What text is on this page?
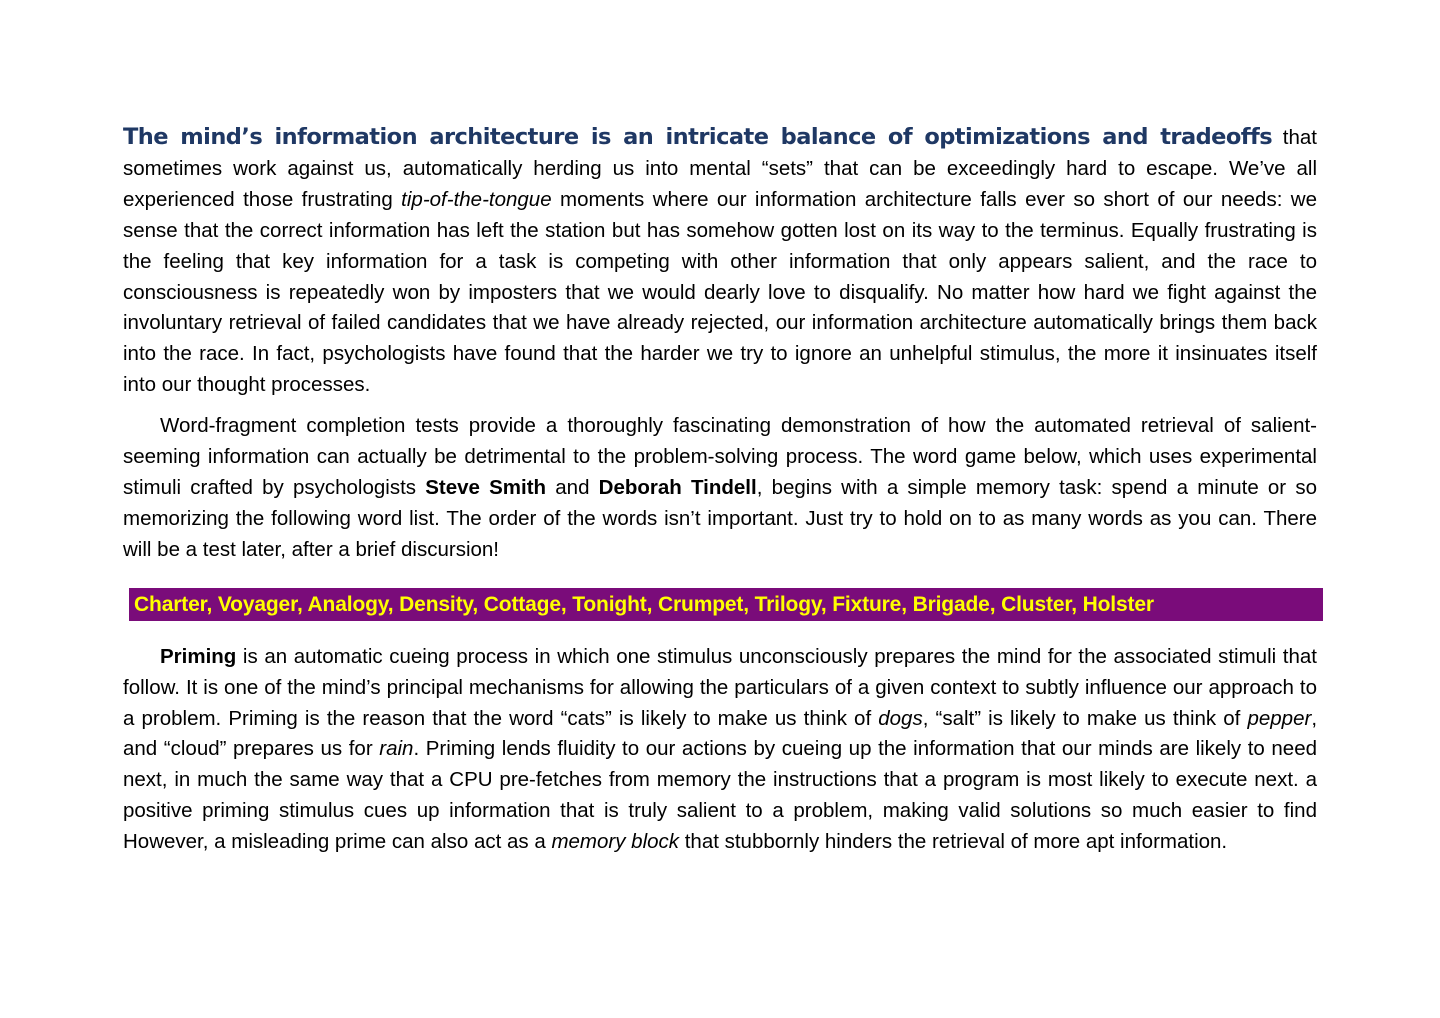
The mind’s information architecture is an intricate balance of optimizations and tradeoffs that sometimes work against us, automatically herding us into mental “sets” that can be exceedingly hard to escape. We’ve all experienced those frustrating tip-of-the-tongue moments where our information architecture falls ever so short of our needs: we sense that the correct information has left the station but has somehow gotten lost on its way to the terminus. Equally frustrating is the feeling that key information for a task is competing with other information that only appears salient, and the race to consciousness is repeatedly won by imposters that we would dearly love to disqualify. No matter how hard we fight against the involuntary retrieval of failed candidates that we have already rejected, our information architecture automatically brings them back into the race. In fact, psychologists have found that the harder we try to ignore an unhelpful stimulus, the more it insinuates itself into our thought processes.

Word-fragment completion tests provide a thoroughly fascinating demonstration of how the automated retrieval of salient-seeming information can actually be detrimental to the problem-solving process. The word game below, which uses experimental stimuli crafted by psychologists Steve Smith and Deborah Tindell, begins with a simple memory task: spend a minute or so memorizing the following word list. The order of the words isn’t important. Just try to hold on to as many words as you can. There will be a test later, after a brief discursion!

Charter, Voyager, Analogy, Density, Cottage, Tonight, Crumpet, Trilogy, Fixture, Brigade, Cluster, Holster

Priming is an automatic cueing process in which one stimulus unconsciously prepares the mind for the associated stimuli that follow. It is one of the mind’s principal mechanisms for allowing the particulars of a given context to subtly influence our approach to a problem. Priming is the reason that the word “cats” is likely to make us think of dogs, “salt” is likely to make us think of pepper, and “cloud” prepares us for rain. Priming lends fluidity to our actions by cueing up the information that our minds are likely to need next, in much the same way that a CPU pre-fetches from memory the instructions that a program is most likely to execute next. a positive priming stimulus cues up information that is truly salient to a problem, making valid solutions so much easier to find However, a misleading prime can also act as a memory block that stubbornly hinders the retrieval of more apt information.
